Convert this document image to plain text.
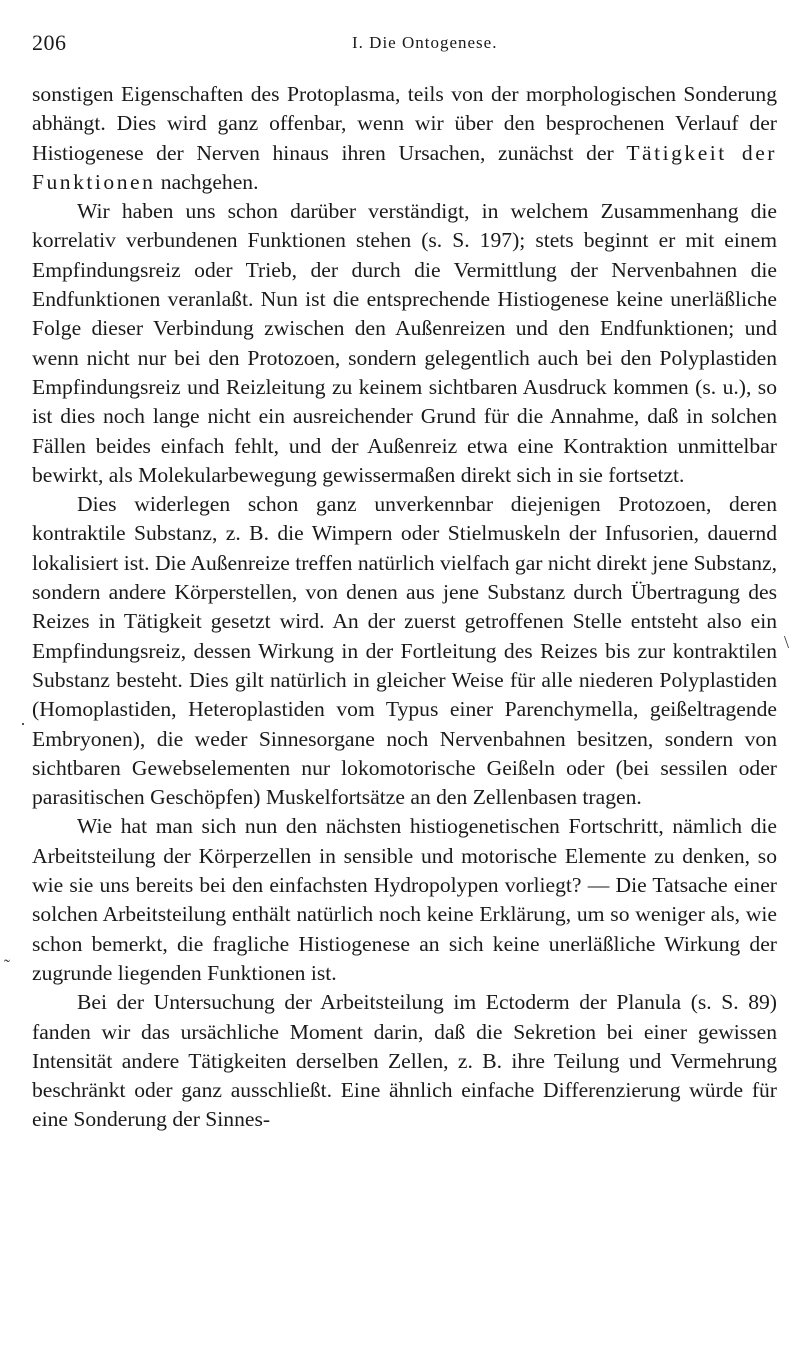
206	I. Die Ontogenese.

sonstigen Eigenschaften des Protoplasma, teils von der morphologischen Sonderung abhängt. Dies wird ganz offenbar, wenn wir über den besprochenen Verlauf der Histiogenese der Nerven hinaus ihren Ursachen, zunächst der Tätigkeit der Funktionen nachgehen.

Wir haben uns schon darüber verständigt, in welchem Zusammenhang die korrelativ verbundenen Funktionen stehen (s. S. 197); stets beginnt er mit einem Empfindungsreiz oder Trieb, der durch die Vermittlung der Nervenbahnen die Endfunktionen veranlaßt. Nun ist die entsprechende Histiogenese keine unerläßliche Folge dieser Verbindung zwischen den Außenreizen und den Endfunktionen; und wenn nicht nur bei den Protozoen, sondern gelegentlich auch bei den Polyplastiden Empfindungsreiz und Reizleitung zu keinem sichtbaren Ausdruck kommen (s. u.), so ist dies noch lange nicht ein ausreichender Grund für die Annahme, daß in solchen Fällen beides einfach fehlt, und der Außenreiz etwa eine Kontraktion unmittelbar bewirkt, als Molekularbewegung gewissermaßen direkt sich in sie fortsetzt.

Dies widerlegen schon ganz unverkennbar diejenigen Protozoen, deren kontraktile Substanz, z. B. die Wimpern oder Stielmuskeln der Infusorien, dauernd lokalisiert ist. Die Außenreize treffen natürlich vielfach gar nicht direkt jene Substanz, sondern andere Körperstellen, von denen aus jene Substanz durch Übertragung des Reizes in Tätigkeit gesetzt wird. An der zuerst getroffenen Stelle entsteht also ein Empfindungsreiz, dessen Wirkung in der Fortleitung des Reizes bis zur kontraktilen Substanz besteht. Dies gilt natürlich in gleicher Weise für alle niederen Polyplastiden (Homoplastiden, Heteroplastiden vom Typus einer Parenchymella, geißeltragende Embryonen), die weder Sinnesorgane noch Nervenbahnen besitzen, sondern von sichtbaren Gewebselementen nur lokomotorische Geißeln oder (bei sessilen oder parasitischen Geschöpfen) Muskelfortsätze an den Zellenbasen tragen.

Wie hat man sich nun den nächsten histiogenetischen Fortschritt, nämlich die Arbeitsteilung der Körperzellen in sensible und motorische Elemente zu denken, so wie sie uns bereits bei den einfachsten Hydropolypen vorliegt? — Die Tatsache einer solchen Arbeitsteilung enthält natürlich noch keine Erklärung, um so weniger als, wie schon bemerkt, die fragliche Histiogenese an sich keine unerläßliche Wirkung der zugrunde liegenden Funktionen ist.

Bei der Untersuchung der Arbeitsteilung im Ectoderm der Planula (s. S. 89) fanden wir das ursächliche Moment darin, daß die Sekretion bei einer gewissen Intensität andere Tätigkeiten derselben Zellen, z. B. ihre Teilung und Vermehrung beschränkt oder ganz ausschließt. Eine ähnlich einfache Differenzierung würde für eine Sonderung der Sinnes-

\
·
˜
